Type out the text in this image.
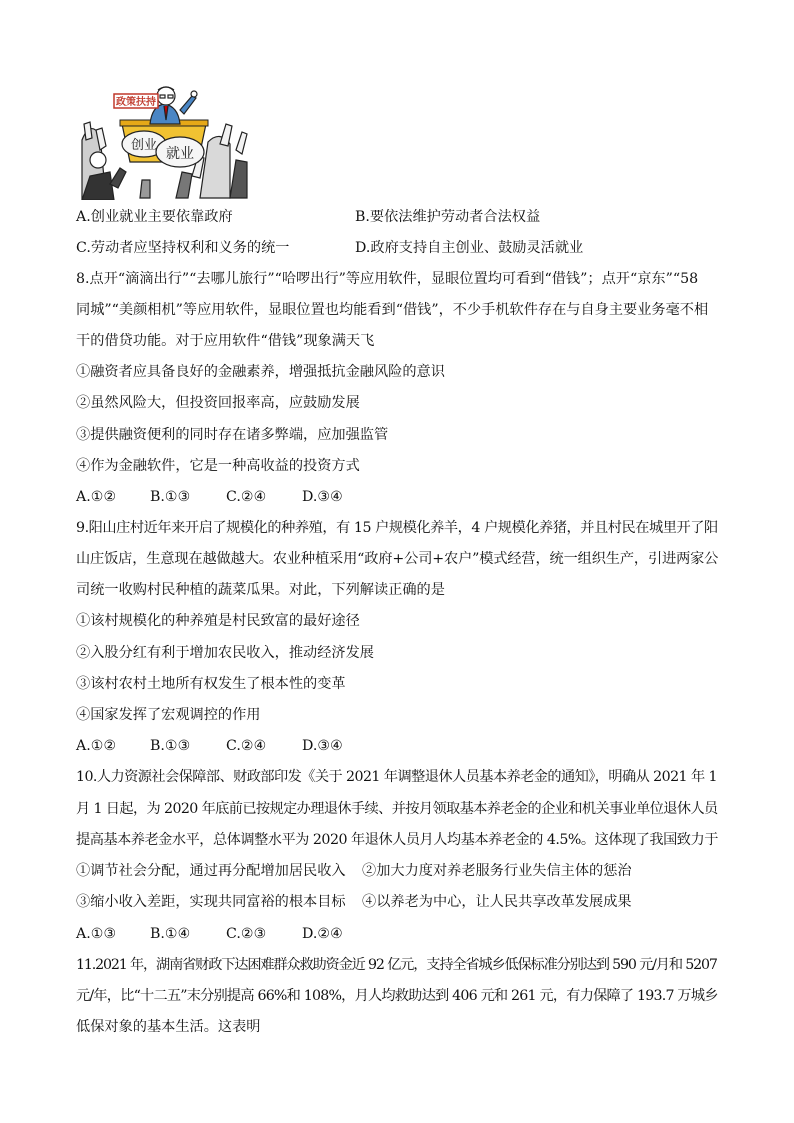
政策扶持
创业
就业
A.创业就业主要依靠政府	B.要依法维护劳动者合法权益
C.劳动者应坚持权利和义务的统一	D.政府支持自主创业、鼓励灵活就业
8.点开“滴滴出行”“去哪儿旅行”“哈啰出行”等应用软件，显眼位置均可看到“借钱”；点开“京东”“58
同城”“美颜相机”等应用软件，显眼位置也均能看到“借钱”，不少手机软件存在与自身主要业务毫不相
干的借贷功能。对于应用软件“借钱”现象满天飞
①融资者应具备良好的金融素养，增强抵抗金融风险的意识
②虽然风险大，但投资回报率高，应鼓励发展
③提供融资便利的同时存在诸多弊端，应加强监管
④作为金融软件，它是一种高收益的投资方式
A.①② B.①③	C.②④	D.③④
9.阳山庄村近年来开启了规模化的种养殖，有 15 户规模化养羊，4 户规模化养猪，并且村民在城里开了阳
山庄饭店，生意现在越做越大。农业种植采用“政府+公司+农户”模式经营，统一组织生产，引进两家公
司统一收购村民种植的蔬菜瓜果。对此，下列解读正确的是
①该村规模化的种养殖是村民致富的最好途径
②入股分红有利于增加农民收入，推动经济发展
③该村农村土地所有权发生了根本性的变革
④国家发挥了宏观调控的作用
A.①② B.①③	C.②④	D.③④
10.人力资源社会保障部、财政部印发《关于 2021 年调整退休人员基本养老金的通知》，明确从 2021 年 1
月 1 日起，为 2020 年底前已按规定办理退休手续、并按月领取基本养老金的企业和机关事业单位退休人员
提高基本养老金水平，总体调整水平为 2020 年退休人员月人均基本养老金的 4.5%。这体现了我国致力于
①调节社会分配，通过再分配增加居民收入 ②加大力度对养老服务行业失信主体的惩治
③缩小收入差距，实现共同富裕的根本目标 ④以养老为中心，让人民共享改革发展成果
A.①③ B.①④	C.②③	D.②④
11.2021 年，湖南省财政下达困难群众救助资金近 92 亿元，支持全省城乡低保标准分别达到 590 元/月和 5207
元/年，比“十二五”末分别提高 66%和 108%，月人均救助达到 406 元和 261 元，有力保障了 193.7 万城乡
低保对象的基本生活。这表明
